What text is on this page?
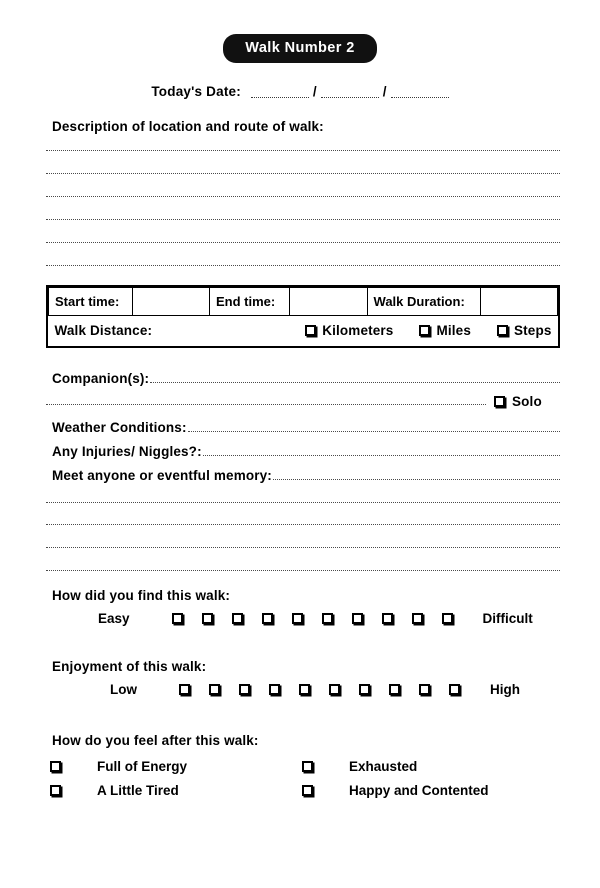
Walk Number 2
Today's Date:	/	/
Description of location and route of walk:
Start time:		End time:		Walk Duration:	

Walk Distance:	Kilometers	Miles	Steps
Companion(s):
Solo
Weather Conditions:
Any Injuries/ Niggles?:
Meet anyone or eventful memory:
How did you find this walk:
Easy	Difficult
Enjoyment of this walk:
Low	High
How do you feel after this walk:
Full of Energy	Exhausted
A Little Tired	Happy and Contented
